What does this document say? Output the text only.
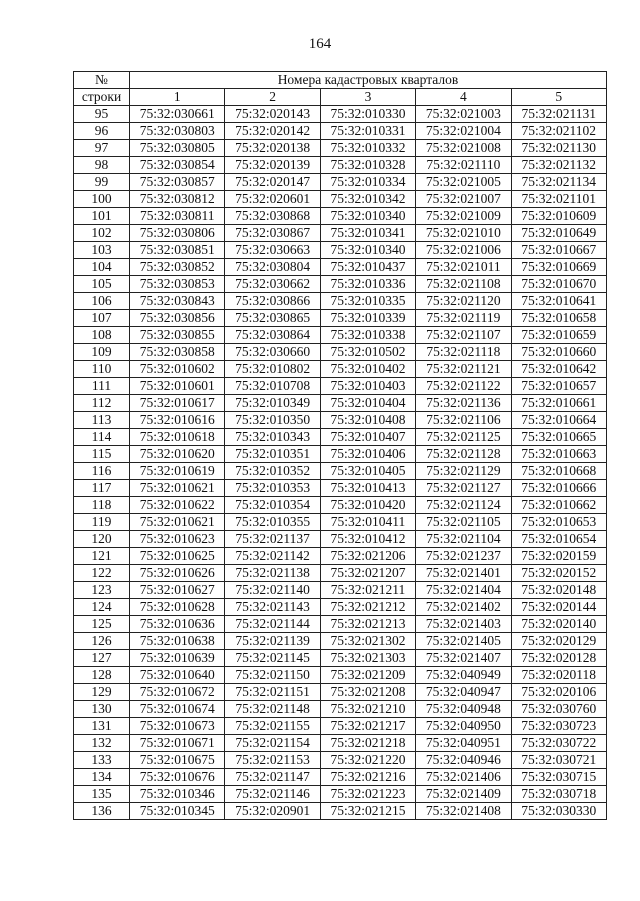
164
№	Номера кадастровых кварталов				
строки	1	2	3	4	5
95	75:32:030661	75:32:020143	75:32:010330	75:32:021003	75:32:021131
96	75:32:030803	75:32:020142	75:32:010331	75:32:021004	75:32:021102
97	75:32:030805	75:32:020138	75:32:010332	75:32:021008	75:32:021130
98	75:32:030854	75:32:020139	75:32:010328	75:32:021110	75:32:021132
99	75:32:030857	75:32:020147	75:32:010334	75:32:021005	75:32:021134
100	75:32:030812	75:32:020601	75:32:010342	75:32:021007	75:32:021101
101	75:32:030811	75:32:030868	75:32:010340	75:32:021009	75:32:010609
102	75:32:030806	75:32:030867	75:32:010341	75:32:021010	75:32:010649
103	75:32:030851	75:32:030663	75:32:010340	75:32:021006	75:32:010667
104	75:32:030852	75:32:030804	75:32:010437	75:32:021011	75:32:010669
105	75:32:030853	75:32:030662	75:32:010336	75:32:021108	75:32:010670
106	75:32:030843	75:32:030866	75:32:010335	75:32:021120	75:32:010641
107	75:32:030856	75:32:030865	75:32:010339	75:32:021119	75:32:010658
108	75:32:030855	75:32:030864	75:32:010338	75:32:021107	75:32:010659
109	75:32:030858	75:32:030660	75:32:010502	75:32:021118	75:32:010660
110	75:32:010602	75:32:010802	75:32:010402	75:32:021121	75:32:010642
111	75:32:010601	75:32:010708	75:32:010403	75:32:021122	75:32:010657
112	75:32:010617	75:32:010349	75:32:010404	75:32:021136	75:32:010661
113	75:32:010616	75:32:010350	75:32:010408	75:32:021106	75:32:010664
114	75:32:010618	75:32:010343	75:32:010407	75:32:021125	75:32:010665
115	75:32:010620	75:32:010351	75:32:010406	75:32:021128	75:32:010663
116	75:32:010619	75:32:010352	75:32:010405	75:32:021129	75:32:010668
117	75:32:010621	75:32:010353	75:32:010413	75:32:021127	75:32:010666
118	75:32:010622	75:32:010354	75:32:010420	75:32:021124	75:32:010662
119	75:32:010621	75:32:010355	75:32:010411	75:32:021105	75:32:010653
120	75:32:010623	75:32:021137	75:32:010412	75:32:021104	75:32:010654
121	75:32:010625	75:32:021142	75:32:021206	75:32:021237	75:32:020159
122	75:32:010626	75:32:021138	75:32:021207	75:32:021401	75:32:020152
123	75:32:010627	75:32:021140	75:32:021211	75:32:021404	75:32:020148
124	75:32:010628	75:32:021143	75:32:021212	75:32:021402	75:32:020144
125	75:32:010636	75:32:021144	75:32:021213	75:32:021403	75:32:020140
126	75:32:010638	75:32:021139	75:32:021302	75:32:021405	75:32:020129
127	75:32:010639	75:32:021145	75:32:021303	75:32:021407	75:32:020128
128	75:32:010640	75:32:021150	75:32:021209	75:32:040949	75:32:020118
129	75:32:010672	75:32:021151	75:32:021208	75:32:040947	75:32:020106
130	75:32:010674	75:32:021148	75:32:021210	75:32:040948	75:32:030760
131	75:32:010673	75:32:021155	75:32:021217	75:32:040950	75:32:030723
132	75:32:010671	75:32:021154	75:32:021218	75:32:040951	75:32:030722
133	75:32:010675	75:32:021153	75:32:021220	75:32:040946	75:32:030721
134	75:32:010676	75:32:021147	75:32:021216	75:32:021406	75:32:030715
135	75:32:010346	75:32:021146	75:32:021223	75:32:021409	75:32:030718
136	75:32:010345	75:32:020901	75:32:021215	75:32:021408	75:32:030330
